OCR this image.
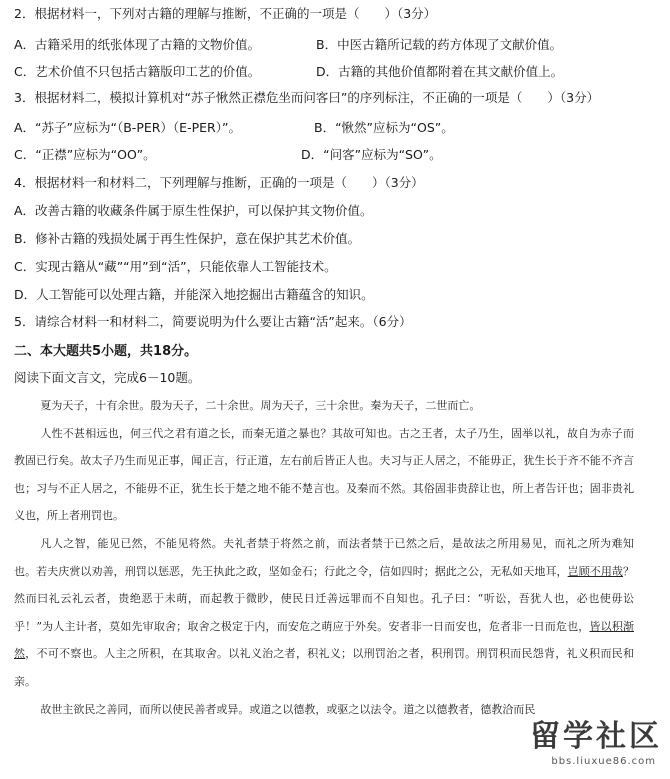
2．根据材料一，下列对古籍的理解与推断，不正确的一项是（　　）（3分）
A．古籍采用的纸张体现了古籍的文物价值。	B．中医古籍所记载的药方体现了文献价值。
C．艺术价值不只包括古籍版印工艺的价值。	D．古籍的其他价值都附着在其文献价值上。
3．根据材料二，模拟计算机对“苏子愀然正襟危坐而问客曰”的序列标注，不正确的一项是（　　）（3分）
A．“苏子”应标为“（B-PER）（E-PER）”。	B．“愀然”应标为“OS”。
C．“正襟”应标为“OO”。	D．“问客”应标为“SO”。
4．根据材料一和材料二，下列理解与推断，正确的一项是（　　）（3分）
A．改善古籍的收藏条件属于原生性保护，可以保护其文物价值。
B．修补古籍的残损处属于再生性保护，意在保护其艺术价值。
C．实现古籍从“藏”“用”到“活”，只能依靠人工智能技术。
D．人工智能可以处理古籍，并能深入地挖掘出古籍蕴含的知识。
5．请综合材料一和材料二，简要说明为什么要让古籍“活”起来。（6分）
二、本大题共5小题，共18分。
阅读下面文言文，完成6－10题。

夏为天子，十有余世。殷为天子，二十余世。周为天子，三十余世。秦为天子，二世而亡。

人性不甚相远也，何三代之君有道之长，而秦无道之暴也？其故可知也。古之王者，太子乃生，固举以礼，故自为赤子而教固已行矣。故太子乃生而见正事，闻正言，行正道，左右前后皆正人也。夫习与正人居之，不能毋正，犹生长于齐不能不齐言也；习与不正人居之，不能毋不正，犹生长于楚之地不能不楚言也。及秦而不然。其俗固非贵辞让也，所上者告讦也；固非贵礼义也，所上者刑罚也。

凡人之智，能见已然，不能见将然。夫礼者禁于将然之前，而法者禁于已然之后，是故法之所用易见，而礼之所为难知也。若夫庆赏以劝善，刑罚以惩恶，先王执此之政，坚如金石；行此之令，信如四时；据此之公，无私如天地耳，岂顾不用哉？然而曰礼云礼云者，贵绝恶于未萌，而起教于微眇，使民日迁善远罪而不自知也。孔子曰：“听讼，吾犹人也，必也使毋讼乎！”为人主计者，莫如先审取舍；取舍之极定于内，而安危之萌应于外矣。安者非一日而安也，危者非一日而危也，皆以积渐然，不可不察也。人主之所积，在其取舍。以礼义治之者，积礼义；以刑罚治之者，积刑罚。刑罚积而民怨背，礼义积而民和亲。

故世主欲民之善同，而所以使民善者或异。或道之以德教，或驱之以法令。道之以德教者，德教洽而民

留学社区
bbs.liuxue86.com
